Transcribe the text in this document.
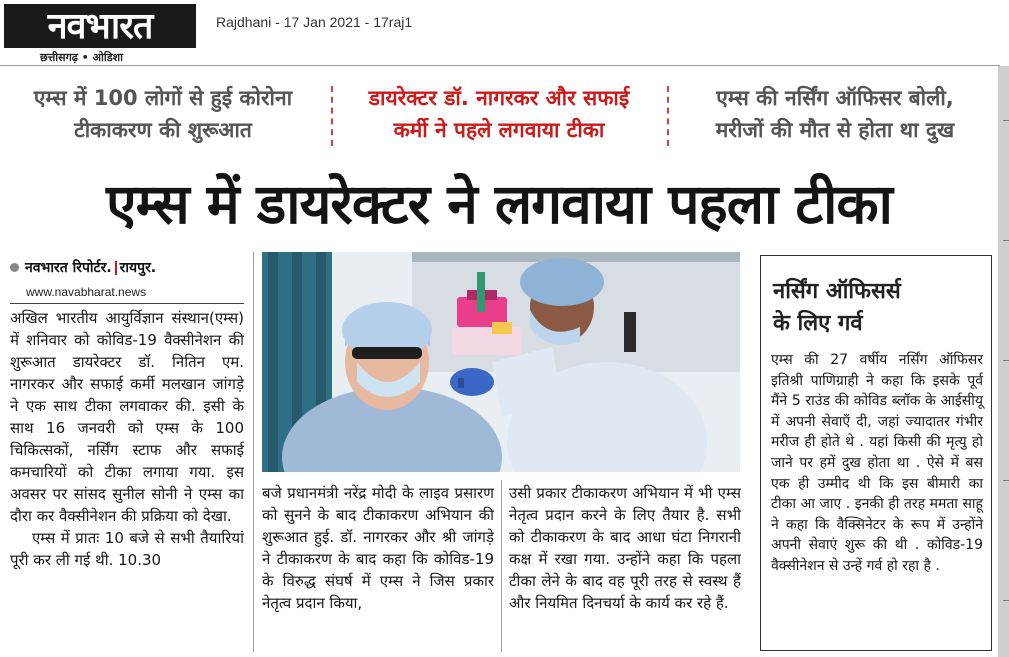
नवभारत
छत्तीसगढ़ • ओडिशा
Rajdhani - 17 Jan 2021 - 17raj1
एम्स में 100 लोगों से हुई कोरोना
टीकाकरण की शुरूआत
डायरेक्टर डॉ. नागरकर और सफाई
कर्मी ने पहले लगवाया टीका
एम्स की नर्सिंग ऑफिसर बोली,
मरीजों की मौत से होता था दुख
एम्स में डायरेक्टर ने लगवाया पहला टीका
नवभारत रिपोर्टर. रायपुर.
www.navabharat.news

अखिल भारतीय आयुर्विज्ञान संस्थान(एम्स) में शनिवार को कोविड-19 वैक्सीनेशन की शुरूआत डायरेक्टर डॉ. नितिन एम. नागरकर और सफाई कर्मी मलखान जांगड़े ने एक साथ टीका लगवाकर की. इसी के साथ 16 जनवरी को एम्स के 100 चिकित्सकों, नर्सिंग स्टाफ और सफाई कमचारियों को टीका लगाया गया. इस अवसर पर सांसद सुनील सोनी ने एम्स का दौरा कर वैक्सीनेशन की प्रक्रिया को देखा.

एम्स में प्रातः 10 बजे से सभी तैयारियां पूरी कर ली गई थी. 10.30

बजे प्रधानमंत्री नरेंद्र मोदी के लाइव प्रसारण को सुनने के बाद टीकाकरण अभियान की शुरूआत हुई. डॉ. नागरकर और श्री जांगड़े ने टीकाकरण के बाद कहा कि कोविड-19 के विरुद्ध संघर्ष में एम्स ने जिस प्रकार नेतृत्व प्रदान किया,

उसी प्रकार टीकाकरण अभियान में भी एम्स नेतृत्व प्रदान करने के लिए तैयार है. सभी को टीकाकरण के बाद आधा घंटा निगरानी कक्ष में रखा गया. उन्होंने कहा कि पहला टीका लेने के बाद वह पूरी तरह से स्वस्थ हैं और नियमित दिनचर्या के कार्य कर रहे हैं.

नर्सिंग ऑफिसर्स
के लिए गर्व
एम्स की 27 वर्षीय नर्सिंग ऑफिसर इतिश्री पाणिग्राही ने कहा कि इसके पूर्व मैंने 5 राउंड की कोविड ब्लॉक के आईसीयू में अपनी सेवाएँ दी, जहां ज्यादातर गंभीर मरीज ही होते थे . यहां किसी की मृत्यु हो जाने पर हमें दुख होता था . ऐसे में बस एक ही उम्मीद थी कि इस बीमारी का टीका आ जाए . इनकी ही तरह ममता साहू ने कहा कि वैक्सिनेटर के रूप में उन्होंने अपनी सेवाएं शुरू की थी . कोविड-19 वैक्सीनेशन से उन्हें गर्व हो रहा है .
